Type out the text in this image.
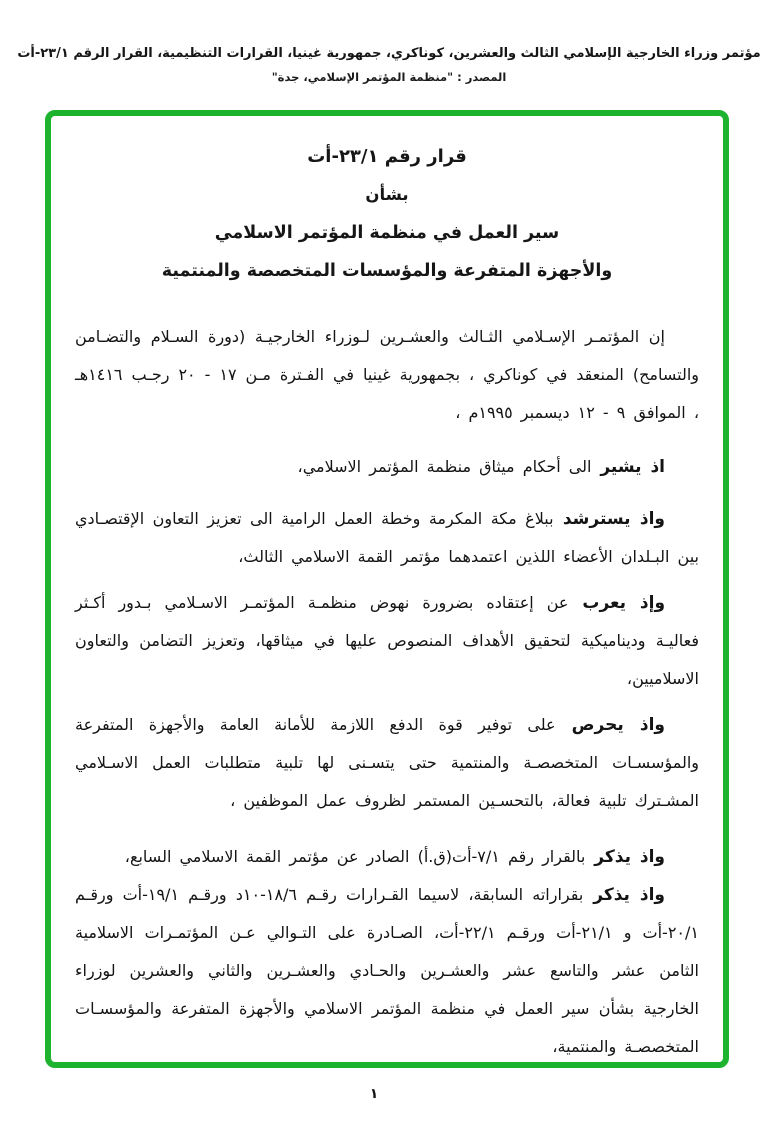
مؤتمر وزراء الخارجية الإسلامي الثالث والعشرين، كوناكري، جمهورية غينيا، القرارات التنظيمية، القرار الرقم ٢٣/١-أت
المصدر : "منظمة المؤتمر الإسلامي، جدة"
قرار رقم ٢٣/١-أت
بشأن
سير العمل في منظمة المؤتمر الاسلامي
والأجهزة المتفرعة والمؤسسات المتخصصة والمنتمية
إن المؤتمـر الإسـلامي الثـالث والعشـرين لـوزراء الخارجيـة (دورة السـلام والتضـامن والتسامح) المنعقد في كوناكري ، بجمهورية غينيا في الفـترة مـن ١٧ - ٢٠ رجـب ١٤١٦هـ ، الموافق ٩ - ١٢ ديسمبر ١٩٩٥م ،
اذ يشير الى أحكام ميثاق منظمة المؤتمر الاسلامي،
واذ يسترشد ببلاغ مكة المكرمة وخطة العمل الرامية الى تعزيز التعاون الإقتصـادي بين البـلدان الأعضاء اللذين اعتمدهما مؤتمر القمة الاسلامي الثالث،
وإذ يعرب عن إعتقاده بضرورة نهوض منظمـة المؤتمـر الاسـلامي بـدور أكـثر فعاليـة وديناميكية لتحقيق الأهداف المنصوص عليها في ميثاقها، وتعزيز التضامن والتعاون الاسلاميين،
واذ يحرص على توفير قوة الدفع اللازمة للأمانة العامة والأجهزة المتفرعة والمؤسسـات المتخصصـة والمنتمية حتى يتسـنى لها تلبية متطلبات العمل الاسـلامي المشـترك تلبية فعالة، بالتحسـين المستمر لظروف عمل الموظفين ،
واذ يذكر بالقرار رقم ٧/١-أت(ق.أ) الصادر عن مؤتمر القمة الاسلامي السابع،
واذ يذكر بقراراته السابقة، لاسيما القـرارات رقـم ١٨/٦-١٠د ورقـم ١٩/١-أت ورقـم ٢٠/١-أت و ٢١/١-أت ورقـم ٢٢/١-أت، الصـادرة على التـوالي عـن المؤتمـرات الاسلامية الثامن عشر والتاسع عشر والعشـرين والحـادي والعشـرين والثاني والعشرين لوزراء الخارجية بشأن سير العمل في منظمة المؤتمر الاسلامي والأجهزة المتفرعة والمؤسسـات المتخصصـة والمنتمية،
١
